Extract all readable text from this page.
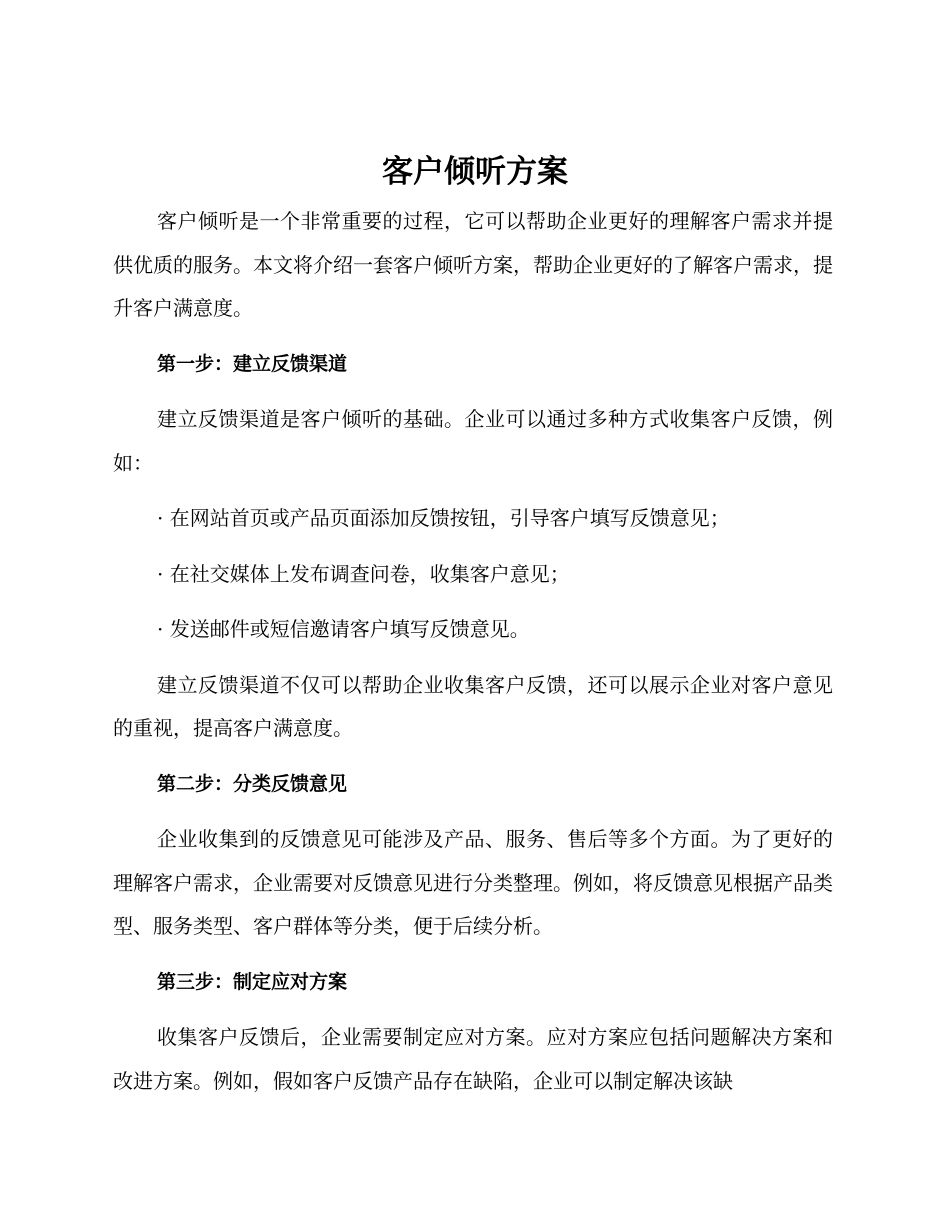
客户倾听方案

客户倾听是一个非常重要的过程，它可以帮助企业更好的理解客户需求并提供优质的服务。本文将介绍一套客户倾听方案，帮助企业更好的了解客户需求，提升客户满意度。

第一步：建立反馈渠道

建立反馈渠道是客户倾听的基础。企业可以通过多种方式收集客户反馈，例如：

· 在网站首页或产品页面添加反馈按钮，引导客户填写反馈意见；

· 在社交媒体上发布调查问卷，收集客户意见；

· 发送邮件或短信邀请客户填写反馈意见。

建立反馈渠道不仅可以帮助企业收集客户反馈，还可以展示企业对客户意见的重视，提高客户满意度。

第二步：分类反馈意见

企业收集到的反馈意见可能涉及产品、服务、售后等多个方面。为了更好的理解客户需求，企业需要对反馈意见进行分类整理。例如，将反馈意见根据产品类型、服务类型、客户群体等分类，便于后续分析。

第三步：制定应对方案

收集客户反馈后，企业需要制定应对方案。应对方案应包括问题解决方案和改进方案。例如，假如客户反馈产品存在缺陷，企业可以制定解决该缺
